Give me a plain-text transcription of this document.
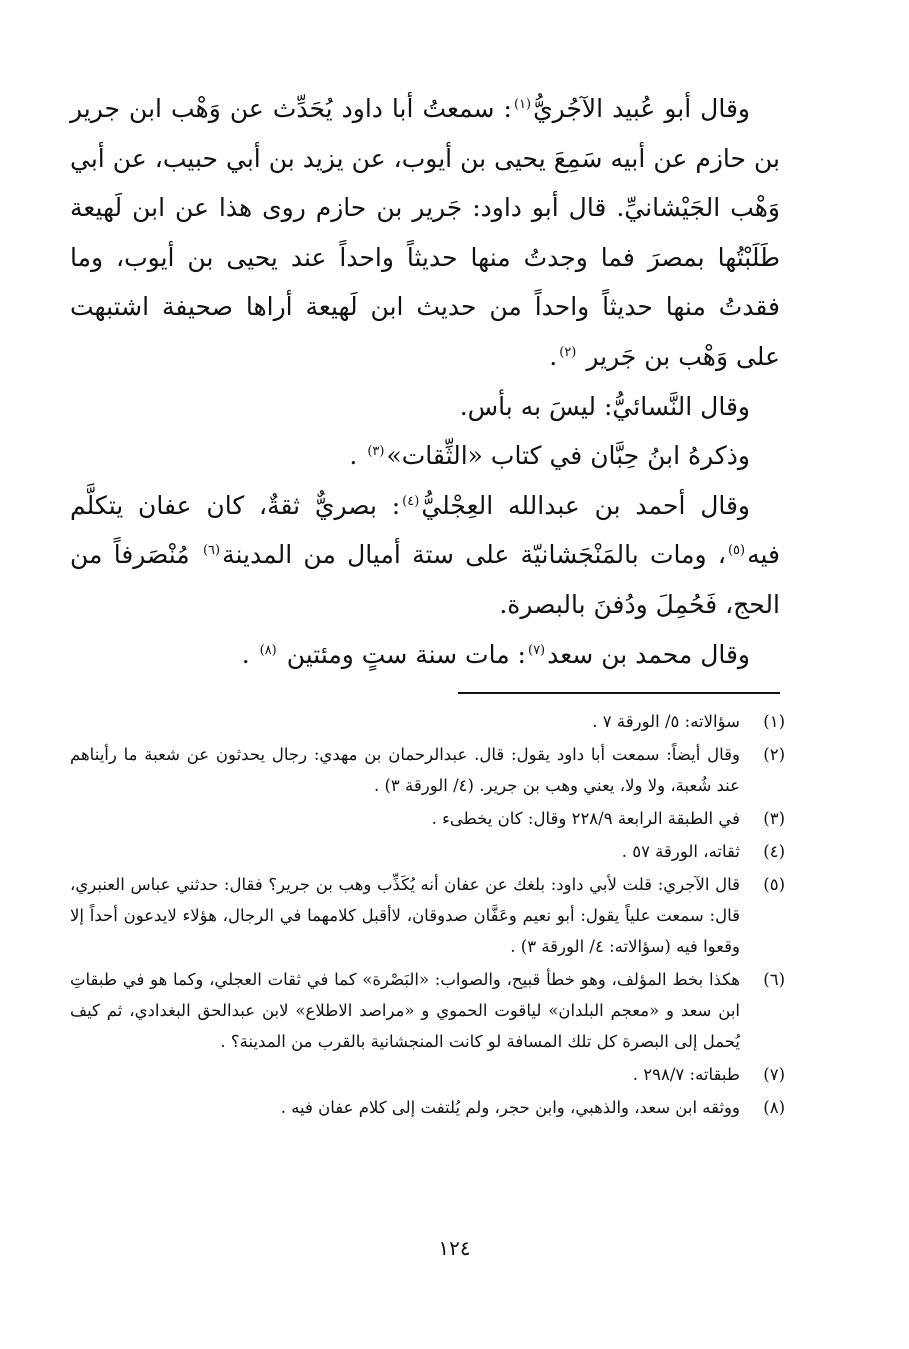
وقال أبو عُبيد الآجُريُّ$^{(١)}$: سمعتُ أبا داود يُحَدِّث عن وَهْب ابن جرير بن حازم عن أبيه سَمِعَ يحيى بن أيوب، عن يزيد بن أبي حبيب، عن أبي وَهْب الجَيْشانيِّ. قال أبو داود: جَرير بن حازم روى هذا عن ابن لَهيعة طَلَبْتُها بمصرَ فما وجدتُ منها حديثاً واحداً عند يحيى بن أيوب، وما فقدتُ منها حديثاً واحداً من حديث ابن لَهيعة أراها صحيفة اشتبهت على وَهْب بن جَرير $^{(٢)}$.

وقال النَّسائيُّ: ليسَ به بأس.

وذكرهُ ابنُ حِبَّان في كتاب «الثِّقات»$^{(٣)}$ .

وقال أحمد بن عبدالله العِجْليُّ$^{(٤)}$: بصريٌّ ثقةٌ، كان عفان يتكلَّم فيه$^{(٥)}$، ومات بالمَنْجَشانيّة على ستة أميال من المدينة$^{(٦)}$ مُنْصَرفاً من الحج، فَحُمِلَ ودُفنَ بالبصرة.

وقال محمد بن سعد$^{(٧)}$: مات سنة ستٍ ومئتين $^{(٨)}$ .

(١)
سؤالاته: ٥/ الورقة ٧ .
(٢)
وقال أيضاً: سمعت أبا داود يقول: قال. عبدالرحمان بن مهدي: رجال يحدثون عن شعبة ما رأيناهم عند شُعبة، ولا ولا، يعني وهب بن جرير. (٤/ الورقة ٣) .
(٣)
في الطبقة الرابعة ٢٢٨/٩ وقال: كان يخطىء .
(٤)
ثقاته، الورقة ٥٧ .
(٥)
قال الآجري: قلت لأبي داود: بلغك عن عفان أنه يُكَذِّب وهب بن جرير؟ فقال: حدثني عباس العنبري، قال: سمعت علياً يقول: أبو نعيم وعَفَّان صدوقان، لاأقبل كلامهما في الرجال، هؤلاء لايدعون أحداً إلا وقعوا فيه (سؤالاته: ٤/ الورقة ٣) .
(٦)
هكذا بخط المؤلف، وهو خطأ قبيح، والصواب: «البَصْرة» كما في ثقات العجلي، وكما هو في طبقاتِ ابن سعد و «معجم البلدان» لياقوت الحموي و «مراصد الاطلاع» لابن عبدالحق البغدادي، ثم كيف يُحمل إلى البصرة كل تلك المسافة لو كانت المنجشانية بالقرب من المدينة؟ .
(٧)
طبقاته: ٢٩٨/٧ .
(٨)
ووثقه ابن سعد، والذهبي، وابن حجر، ولم يُلتفت إلى كلام عفان فيه .
١٢٤
